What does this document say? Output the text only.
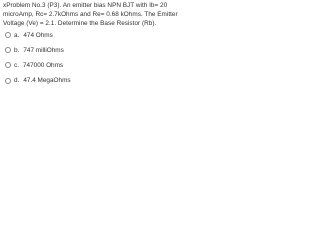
xProblem No.3 (P3). An emitter bias NPN BJT with Ib= 20 microAmp, Rc= 2.7kOhms and Re= 0.68 kOhms. The Emitter Voltage (Ve) = 2.1. Determine the Base Resistor (Rb).
a. 474 Ohms
b. 747 milliOhms
c. 747000 Ohms
d. 47.4 MegaOhms
